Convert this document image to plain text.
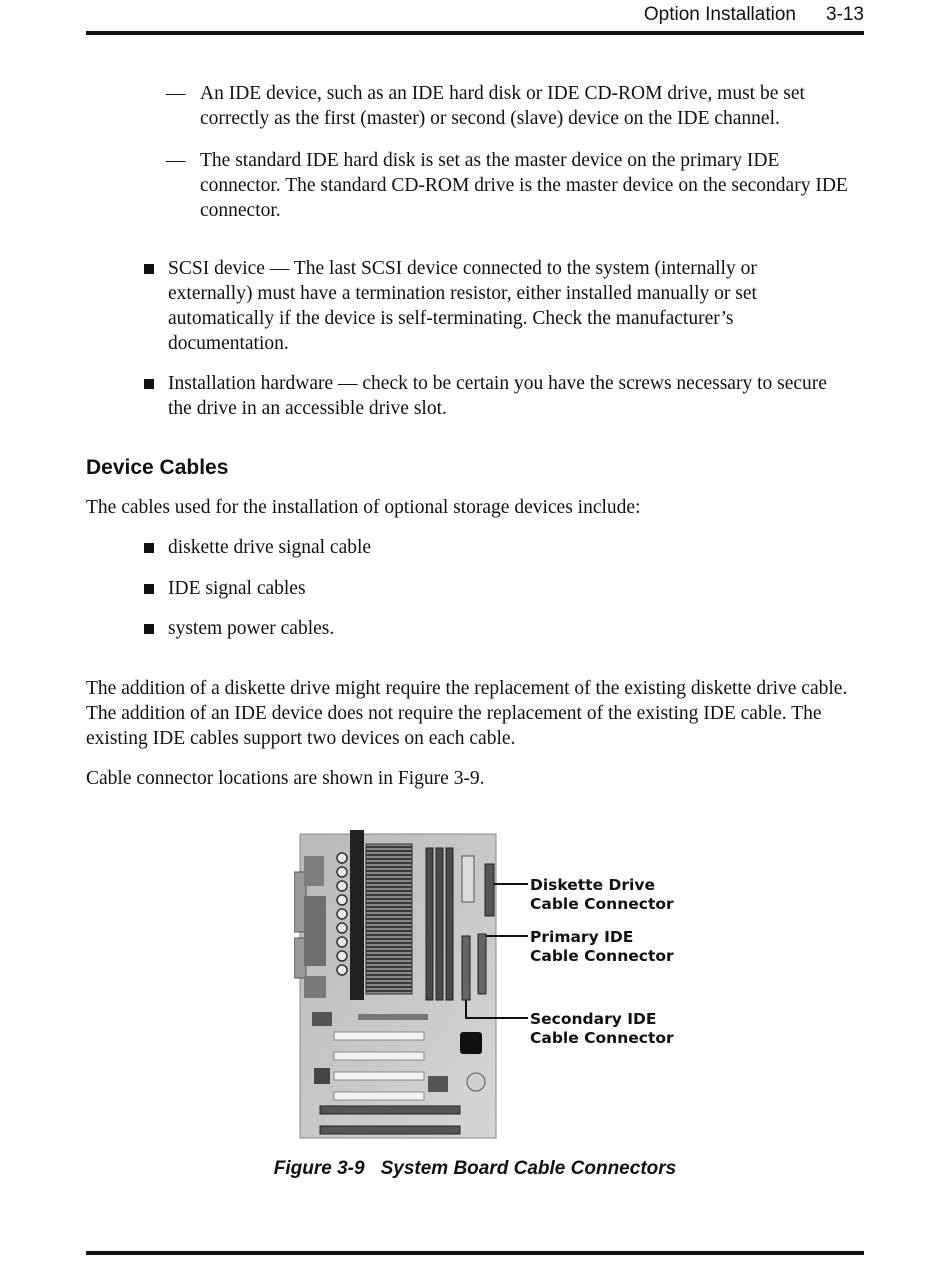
Option Installation 3-13
— An IDE device, such as an IDE hard disk or IDE CD-ROM drive, must be set correctly as the first (master) or second (slave) device on the IDE channel.
— The standard IDE hard disk is set as the master device on the primary IDE connector. The standard CD-ROM drive is the master device on the secondary IDE connector.
SCSI device — The last SCSI device connected to the system (internally or externally) must have a termination resistor, either installed manually or set automatically if the device is self-terminating. Check the manufacturer’s documentation.
Installation hardware — check to be certain you have the screws necessary to secure the drive in an accessible drive slot.
Device Cables
The cables used for the installation of optional storage devices include:
diskette drive signal cable
IDE signal cables
system power cables.
The addition of a diskette drive might require the replacement of the existing diskette drive cable. The addition of an IDE device does not require the replacement of the existing IDE cable. The existing IDE cables support two devices on each cable.
Cable connector locations are shown in Figure 3-9.
Diskette Drive
Cable Connector
Primary IDE
Cable Connector
Secondary IDE
Cable Connector
Figure 3-9 System Board Cable Connectors
